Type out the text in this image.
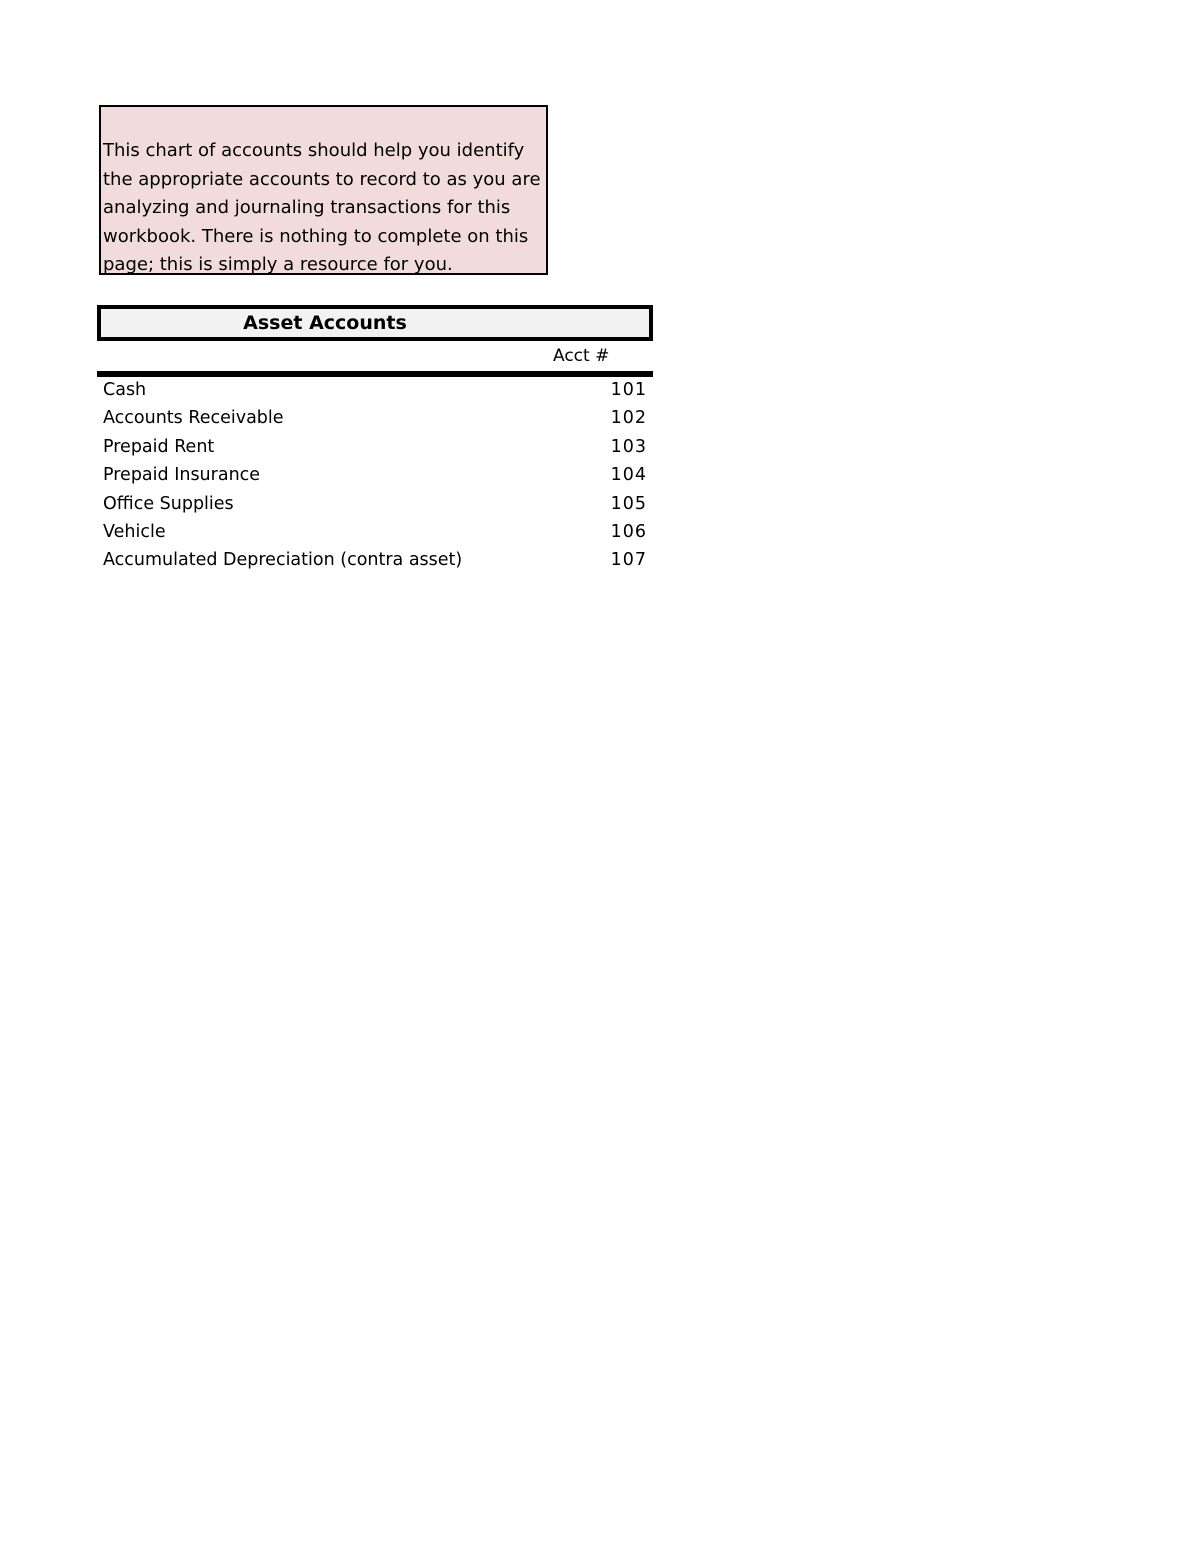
This chart of accounts should help you identify the appropriate accounts to record to as you are analyzing and journaling transactions for this workbook. There is nothing to complete on this page; this is simply a resource for you.
Asset Accounts
Acct #
Cash	101
Accounts Receivable	102
Prepaid Rent	103
Prepaid Insurance	104
Office Supplies	105
Vehicle	106
Accumulated Depreciation (contra asset)	107
